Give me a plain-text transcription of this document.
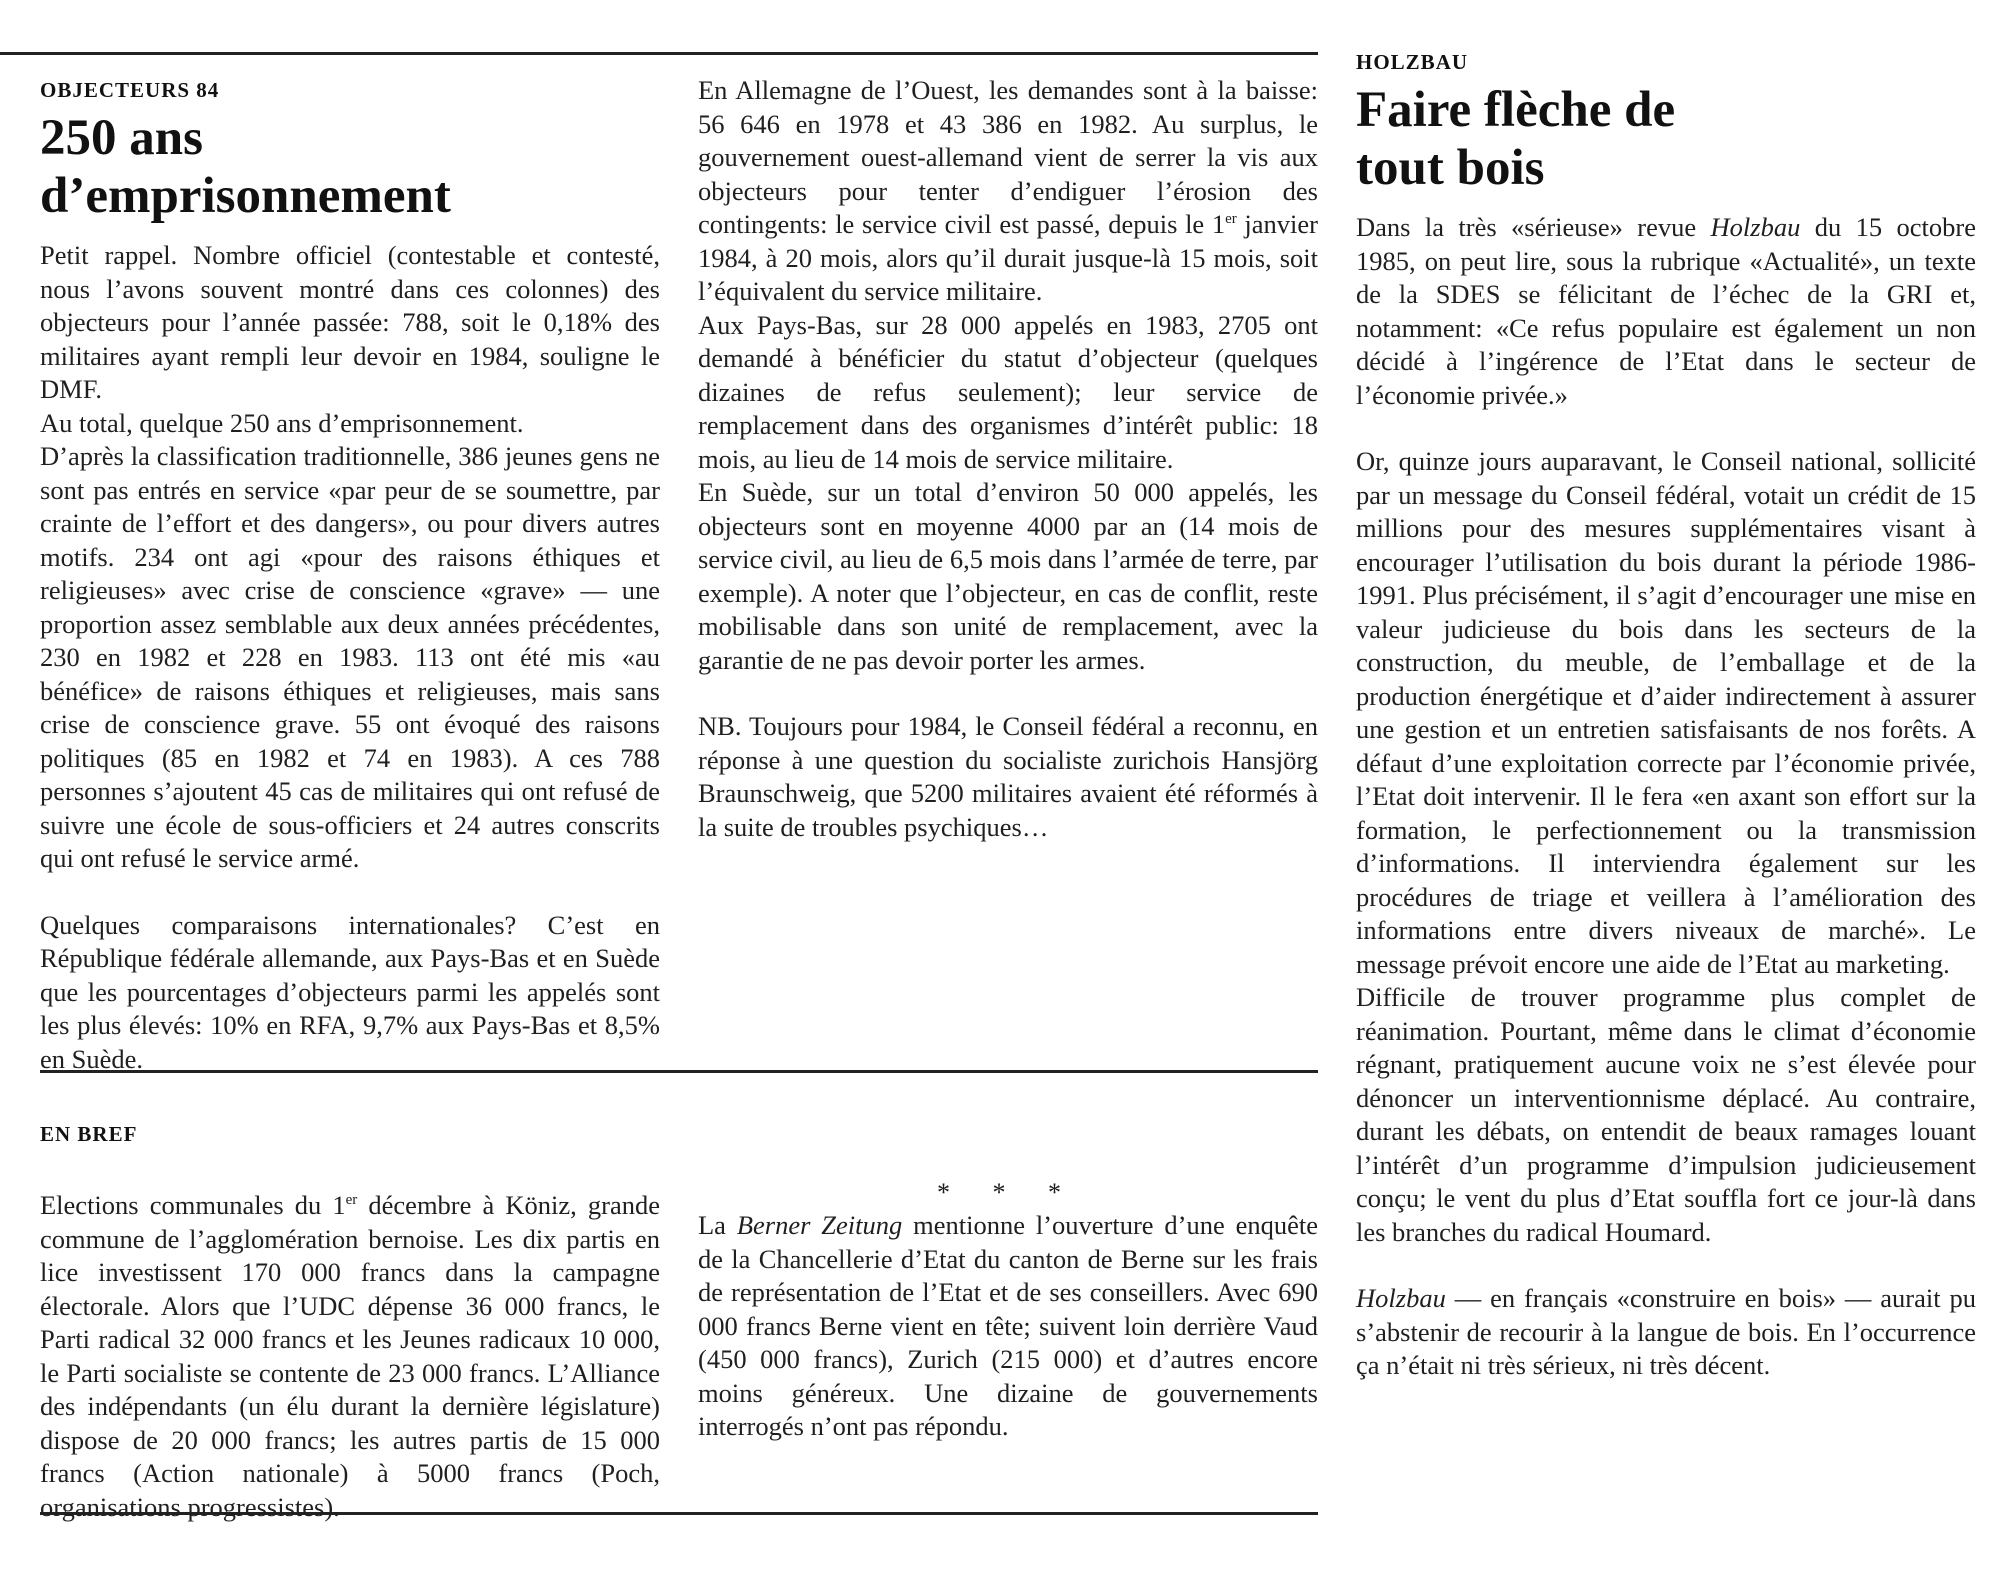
OBJECTEURS 84

250 ans d’emprisonnement

Petit rappel. Nombre officiel (contestable et contesté, nous l’avons souvent montré dans ces colonnes) des objecteurs pour l’année passée: 788, soit le 0,18% des militaires ayant rempli leur devoir en 1984, souligne le DMF.

Au total, quelque 250 ans d’emprisonnement.

D’après la classification traditionnelle, 386 jeunes gens ne sont pas entrés en service «par peur de se soumettre, par crainte de l’effort et des dangers», ou pour divers autres motifs. 234 ont agi «pour des raisons éthiques et religieuses» avec crise de conscience «grave» — une proportion assez semblable aux deux années précédentes, 230 en 1982 et 228 en 1983. 113 ont été mis «au bénéfice» de raisons éthiques et religieuses, mais sans crise de conscience grave. 55 ont évoqué des raisons politiques (85 en 1982 et 74 en 1983). A ces 788 personnes s’ajoutent 45 cas de militaires qui ont refusé de suivre une école de sous-officiers et 24 autres conscrits qui ont refusé le service armé.

Quelques comparaisons internationales? C’est en République fédérale allemande, aux Pays-Bas et en Suède que les pourcentages d’objecteurs parmi les appelés sont les plus élevés: 10% en RFA, 9,7% aux Pays-Bas et 8,5% en Suède.

En Allemagne de l’Ouest, les demandes sont à la baisse: 56 646 en 1978 et 43 386 en 1982. Au surplus, le gouvernement ouest-allemand vient de serrer la vis aux objecteurs pour tenter d’endiguer l’érosion des contingents: le service civil est passé, depuis le 1er janvier 1984, à 20 mois, alors qu’il durait jusque-là 15 mois, soit l’équivalent du service militaire.

Aux Pays-Bas, sur 28 000 appelés en 1983, 2705 ont demandé à bénéficier du statut d’objecteur (quelques dizaines de refus seulement); leur service de remplacement dans des organismes d’intérêt public: 18 mois, au lieu de 14 mois de service militaire.

En Suède, sur un total d’environ 50 000 appelés, les objecteurs sont en moyenne 4000 par an (14 mois de service civil, au lieu de 6,5 mois dans l’armée de terre, par exemple). A noter que l’objecteur, en cas de conflit, reste mobilisable dans son unité de remplacement, avec la garantie de ne pas devoir porter les armes.

NB. Toujours pour 1984, le Conseil fédéral a reconnu, en réponse à une question du socialiste zurichois Hansjörg Braunschweig, que 5200 militaires avaient été réformés à la suite de troubles psychiques…

EN BREF

Elections communales du 1er décembre à Köniz, grande commune de l’agglomération bernoise. Les dix partis en lice investissent 170 000 francs dans la campagne électorale. Alors que l’UDC dépense 36 000 francs, le Parti radical 32 000 francs et les Jeunes radicaux 10 000, le Parti socialiste se contente de 23 000 francs. L’Alliance des indépendants (un élu durant la dernière législature) dispose de 20 000 francs; les autres partis de 15 000 francs (Action nationale) à 5000 francs (Poch, organisations progressistes).

* * *

La Berner Zeitung mentionne l’ouverture d’une enquête de la Chancellerie d’Etat du canton de Berne sur les frais de représentation de l’Etat et de ses conseillers. Avec 690 000 francs Berne vient en tête; suivent loin derrière Vaud (450 000 francs), Zurich (215 000) et d’autres encore moins généreux. Une dizaine de gouvernements interrogés n’ont pas répondu.

HOLZBAU

Faire flèche de tout bois

Dans la très «sérieuse» revue Holzbau du 15 octobre 1985, on peut lire, sous la rubrique «Actualité», un texte de la SDES se félicitant de l’échec de la GRI et, notamment: «Ce refus populaire est également un non décidé à l’ingérence de l’Etat dans le secteur de l’économie privée.»

Or, quinze jours auparavant, le Conseil national, sollicité par un message du Conseil fédéral, votait un crédit de 15 millions pour des mesures supplémentaires visant à encourager l’utilisation du bois durant la période 1986-1991. Plus précisément, il s’agit d’encourager une mise en valeur judicieuse du bois dans les secteurs de la construction, du meuble, de l’emballage et de la production énergétique et d’aider indirectement à assurer une gestion et un entretien satisfaisants de nos forêts. A défaut d’une exploitation correcte par l’économie privée, l’Etat doit intervenir. Il le fera «en axant son effort sur la formation, le perfectionnement ou la transmission d’informations. Il interviendra également sur les procédures de triage et veillera à l’amélioration des informations entre divers niveaux de marché». Le message prévoit encore une aide de l’Etat au marketing.

Difficile de trouver programme plus complet de réanimation. Pourtant, même dans le climat d’économie régnant, pratiquement aucune voix ne s’est élevée pour dénoncer un interventionnisme déplacé. Au contraire, durant les débats, on entendit de beaux ramages louant l’intérêt d’un programme d’impulsion judicieusement conçu; le vent du plus d’Etat souffla fort ce jour-là dans les branches du radical Houmard.

Holzbau — en français «construire en bois» — aurait pu s’abstenir de recourir à la langue de bois. En l’occurrence ça n’était ni très sérieux, ni très décent.
